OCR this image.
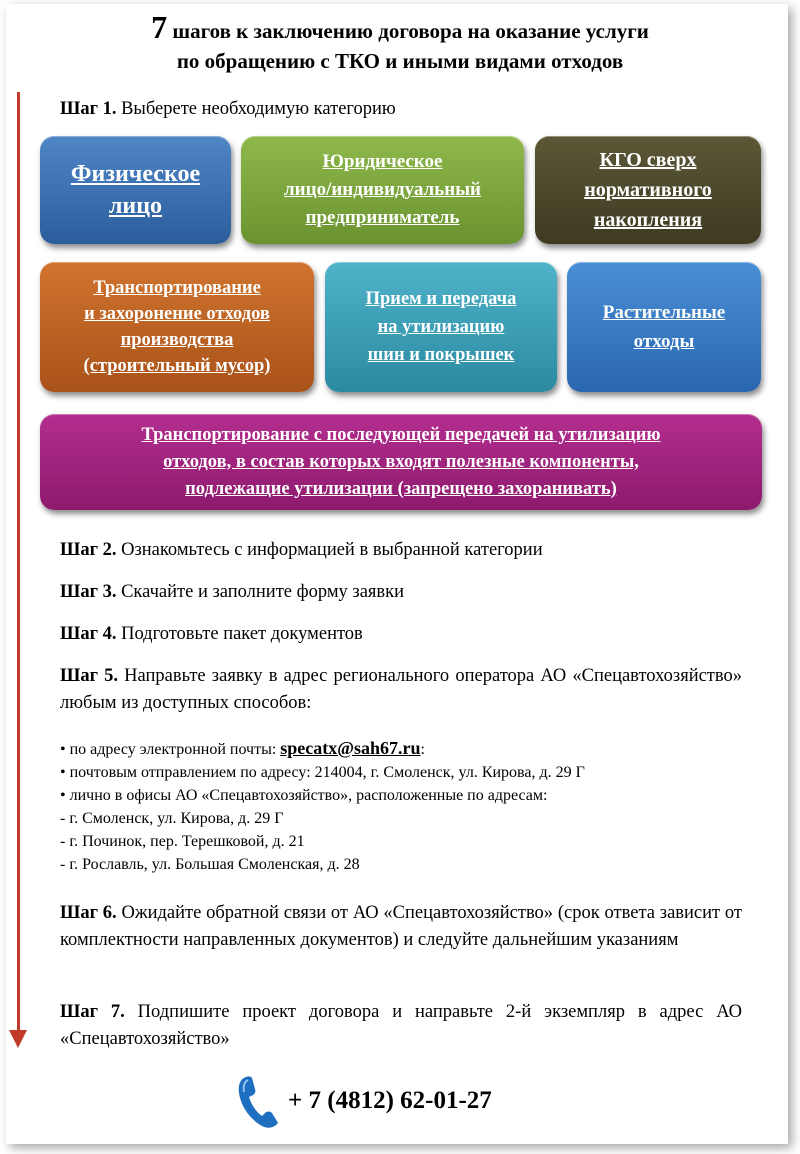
7 шагов к заключению договора на оказание услуги
по обращению с ТКО и иными видами отходов
Шаг 1. Выберете необходимую категорию
Физическое
лицо
Юридическое
лицо/индивидуальный
предприниматель
КГО сверх
нормативного
накопления
Транспортирование
и захоронение отходов
производства
(строительный мусор)
Прием и передача
на утилизацию
шин и покрышек
Растительные
отходы
Транспортирование с последующей передачей на утилизацию
отходов, в состав которых входят полезные компоненты,
подлежащие утилизации (запрещено захоранивать)
Шаг 2. Ознакомьтесь с информацией в выбранной категории
Шаг 3. Скачайте и заполните форму заявки
Шаг 4. Подготовьте пакет документов
Шаг 5. Направьте заявку в адрес регионального оператора АО «Спецавтохозяйство» любым из доступных способов:
• по адресу электронной почты: specatx@sah67.ru:
• почтовым отправлением по адресу: 214004, г. Смоленск, ул. Кирова, д. 29 Г
• лично в офисы АО «Спецавтохозяйство», расположенные по адресам:
- г. Смоленск, ул. Кирова, д. 29 Г
- г. Починок, пер. Терешковой, д. 21
- г. Рославль, ул. Большая Смоленская, д. 28
Шаг 6. Ожидайте обратной связи от АО «Спецавтохозяйство» (срок ответа зависит от комплектности направленных документов) и следуйте дальнейшим указаниям
Шаг 7. Подпишите проект договора и направьте 2-й экземпляр в адрес АО «Спецавтохозяйство»
+ 7 (4812) 62-01-27
